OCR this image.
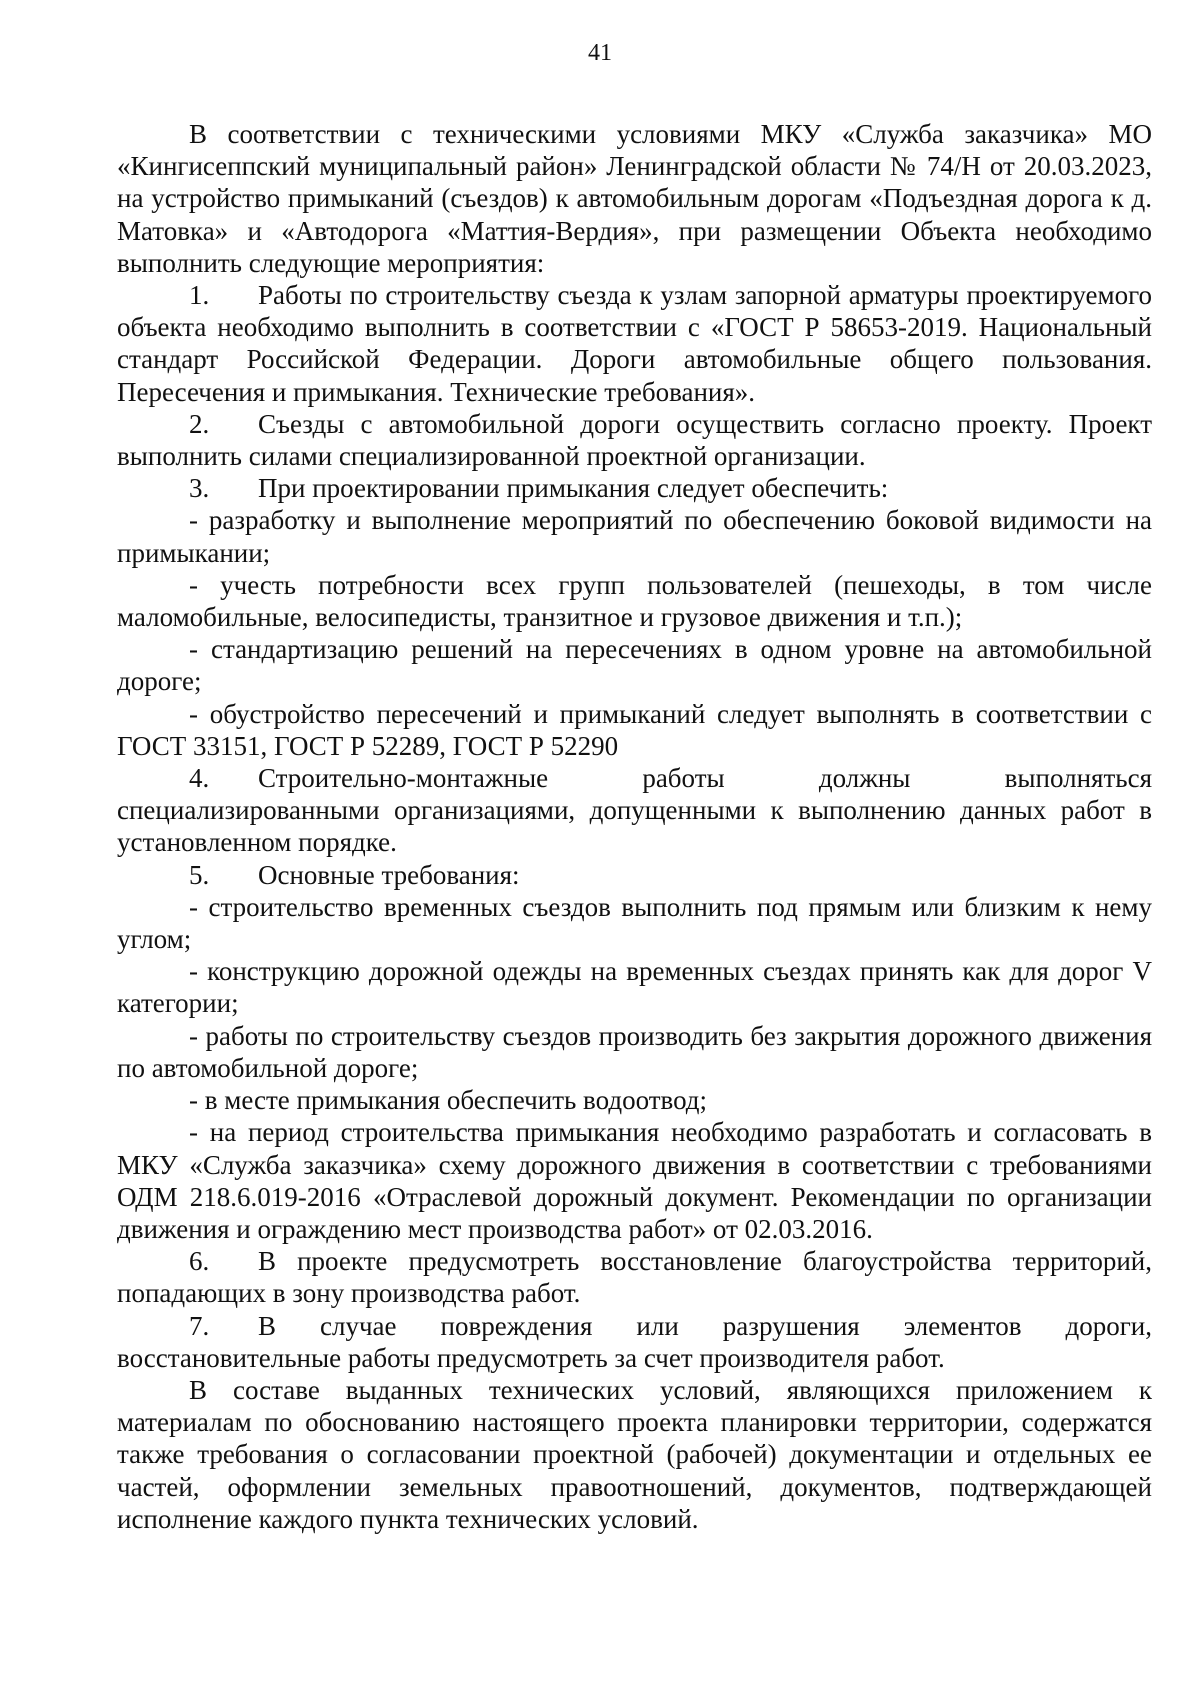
41

В соответствии с техническими условиями МКУ «Служба заказчика» МО «Кингисеппский муниципальный район» Ленинградской области № 74/Н от 20.03.2023, на устройство примыканий (съездов) к автомобильным дорогам «Подъездная дорога к д. Матовка» и «Автодорога «Маттия-Вердия», при размещении Объекта необходимо выполнить следующие мероприятия:

1. Работы по строительству съезда к узлам запорной арматуры проектируемого объекта необходимо выполнить в соответствии с «ГОСТ Р 58653-2019. Национальный стандарт Российской Федерации. Дороги автомобильные общего пользования. Пересечения и примыкания. Технические требования».

2. Съезды с автомобильной дороги осуществить согласно проекту. Проект выполнить силами специализированной проектной организации.

3. При проектировании примыкания следует обеспечить:

- разработку и выполнение мероприятий по обеспечению боковой видимости на примыкании;

- учесть потребности всех групп пользователей (пешеходы, в том числе маломобильные, велосипедисты, транзитное и грузовое движения и т.п.);

- стандартизацию решений на пересечениях в одном уровне на автомобильной дороге;

- обустройство пересечений и примыканий следует выполнять в соответствии с ГОСТ 33151, ГОСТ Р 52289, ГОСТ Р 52290

4. Строительно-монтажные работы должны выполняться специализированными организациями, допущенными к выполнению данных работ в установленном порядке.

5. Основные требования:

- строительство временных съездов выполнить под прямым или близким к нему углом;

- конструкцию дорожной одежды на временных съездах принять как для дорог V категории;

- работы по строительству съездов производить без закрытия дорожного движения по автомобильной дороге;

- в месте примыкания обеспечить водоотвод;

- на период строительства примыкания необходимо разработать и согласовать в МКУ «Служба заказчика» схему дорожного движения в соответствии с требованиями ОДМ 218.6.019-2016 «Отраслевой дорожный документ. Рекомендации по организации движения и ограждению мест производства работ» от 02.03.2016.

6. В проекте предусмотреть восстановление благоустройства территорий, попадающих в зону производства работ.

7. В случае повреждения или разрушения элементов дороги, восстановительные работы предусмотреть за счет производителя работ.

В составе выданных технических условий, являющихся приложением к материалам по обоснованию настоящего проекта планировки территории, содержатся также требования о согласовании проектной (рабочей) документации и отдельных ее частей, оформлении земельных правоотношений, документов, подтверждающей исполнение каждого пункта технических условий.
